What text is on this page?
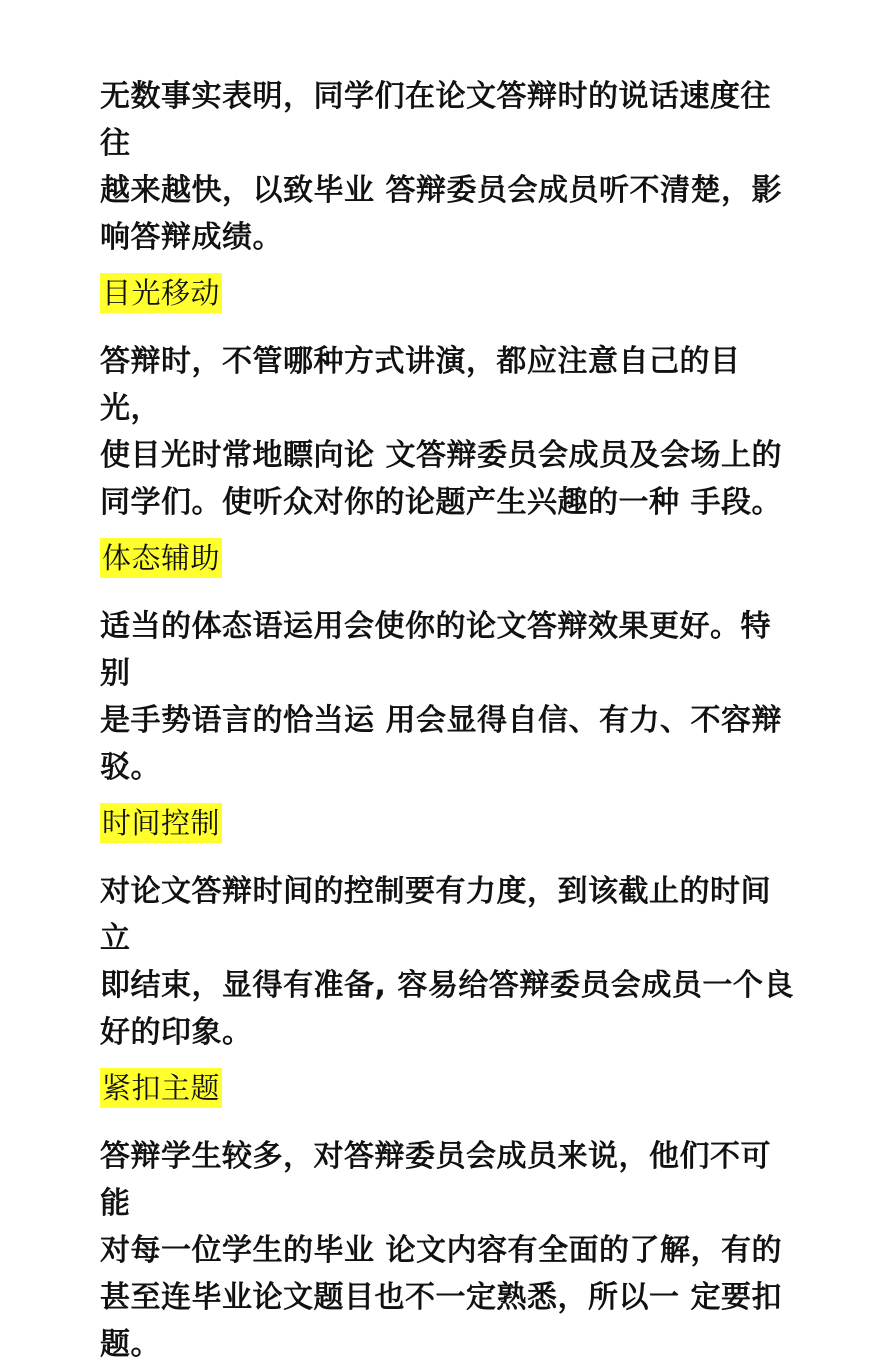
无数事实表明，同学们在论文答辩时的说话速度往往
越来越快，以致毕业 答辩委员会成员听不清楚，影
响答辩成绩。
目光移动
答辩时，不管哪种方式讲演，都应注意自己的目光，
使目光时常地瞟向论 文答辩委员会成员及会场上的
同学们。使听众对你的论题产生兴趣的一种 手段。
体态辅助
适当的体态语运用会使你的论文答辩效果更好。特别
是手势语言的恰当运 用会显得自信、有力、不容辩
驳。
时间控制
对论文答辩时间的控制要有力度，到该截止的时间立
即结束，显得有准备, 容易给答辩委员会成员一个良
好的印象。
紧扣主题
答辩学生较多，对答辩委员会成员来说，他们不可能
对每一位学生的毕业 论文内容有全面的了解，有的
甚至连毕业论文题目也不一定熟悉，所以一 定要扣
题。
